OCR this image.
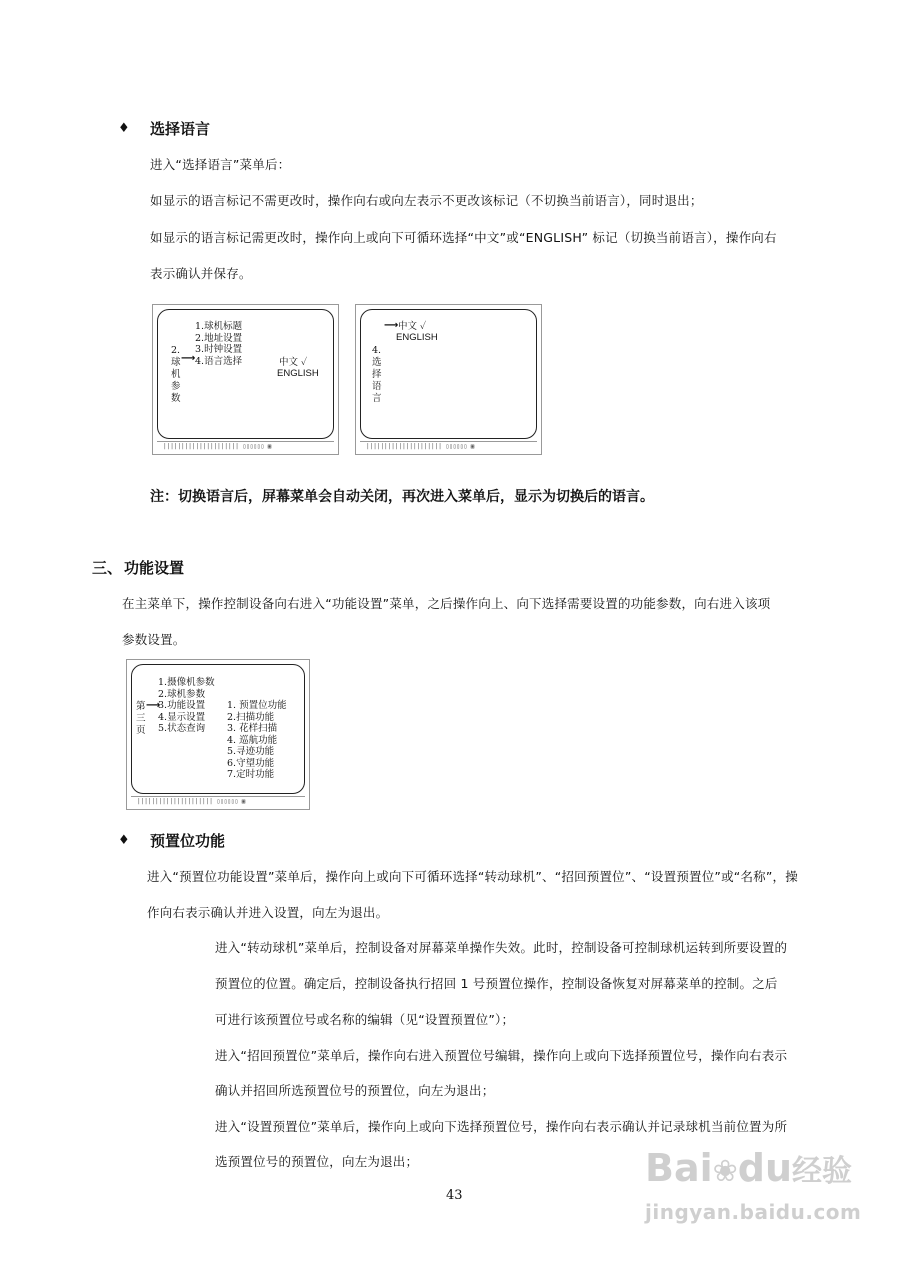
♦ 选择语言
进入“选择语言”菜单后：
如显示的语言标记不需更改时，操作向右或向左表示不更改该标记（不切换当前语言），同时退出；
如显示的语言标记需更改时，操作向上或向下可循环选择“中文”或“ENGLISH” 标记（切换当前语言），操作向右
表示确认并保存。
||||||||||||||||||||| ▯▯▯▯▯▯ ▣
2.球机参数
⟶
1.球机标题
2.地址设置
3.时钟设置
4.语言选择	中文 ✓
ENGLISH
||||||||||||||||||||| ▯▯▯▯▯▯ ▣
⟶ 中文 ✓
ENGLISH
4.选择语言
注：切换语言后，屏幕菜单会自动关闭，再次进入菜单后，显示为切换后的语言。
三、 功能设置
在主菜单下，操作控制设备向右进入“功能设置”菜单，之后操作向上、向下选择需要设置的功能参数，向右进入该项
参数设置。
||||||||||||||||||||| ▯▯▯▯▯▯ ▣
第三页
⟶
1.摄像机参数
2.球机参数
3.功能设置
4.显示设置
5.状态查询
1. 预置位功能
2.扫描功能
3. 花样扫描
4. 巡航功能
5.寻迹功能
6.守望功能
7.定时功能
♦ 预置位功能
进入“预置位功能设置”菜单后，操作向上或向下可循环选择“转动球机”、“招回预置位”、“设置预置位”或“名称”，操
作向右表示确认并进入设置，向左为退出。
进入“转动球机”菜单后，控制设备对屏幕菜单操作失效。此时，控制设备可控制球机运转到所要设置的
预置位的位置。确定后，控制设备执行招回 1 号预置位操作，控制设备恢复对屏幕菜单的控制。之后
可进行该预置位号或名称的编辑（见“设置预置位”）；
进入“招回预置位”菜单后，操作向右进入预置位号编辑，操作向上或向下选择预置位号，操作向右表示
确认并招回所选预置位号的预置位，向左为退出；
进入“设置预置位”菜单后，操作向上或向下选择预置位号，操作向右表示确认并记录球机当前位置为所
选预置位号的预置位，向左为退出；
43
Bai❀du经验
jingyan.baidu.com
